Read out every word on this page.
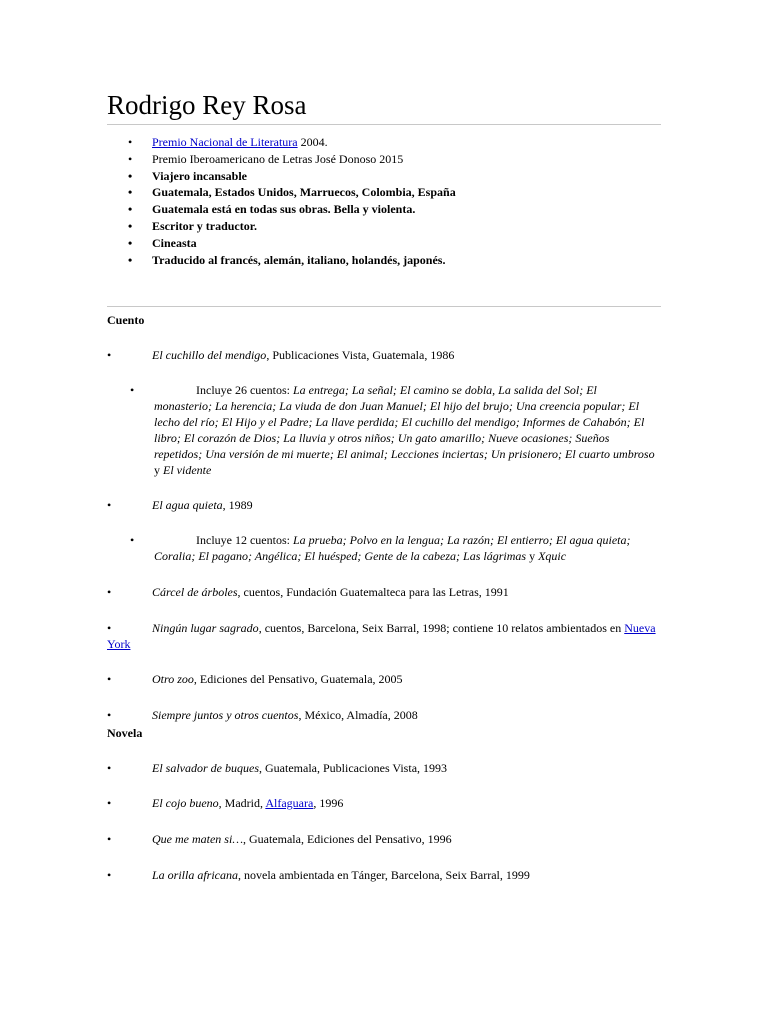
Rodrigo Rey Rosa
• Premio Nacional de Literatura 2004.
• Premio Iberoamericano de Letras José Donoso 2015
• Viajero incansable
• Guatemala, Estados Unidos, Marruecos, Colombia, España
• Guatemala está en todas sus obras. Bella y violenta.
• Escritor y traductor.
• Cineasta
• Traducido al francés, alemán, italiano, holandés, japonés.
Cuento
•	El cuchillo del mendigo, Publicaciones Vista, Guatemala, 1986
•	Incluye 26 cuentos: La entrega; La señal; El camino se dobla, La salida del Sol; El monasterio; La herencia; La viuda de don Juan Manuel; El hijo del brujo; Una creencia popular; El lecho del río; El Hijo y el Padre; La llave perdida; El cuchillo del mendigo; Informes de Cahabón; El libro; El corazón de Dios; La lluvia y otros niños; Un gato amarillo; Nueve ocasiones; Sueños repetidos; Una versión de mi muerte; El animal; Lecciones inciertas; Un prisionero; El cuarto umbroso y El vidente
•	El agua quieta, 1989
•	Incluye 12 cuentos: La prueba; Polvo en la lengua; La razón; El entierro; El agua quieta; Coralia; El pagano; Angélica; El huésped; Gente de la cabeza; Las lágrimas y Xquic
•	Cárcel de árboles, cuentos, Fundación Guatemalteca para las Letras, 1991
•	Ningún lugar sagrado, cuentos, Barcelona, Seix Barral, 1998; contiene 10 relatos ambientados en Nueva York
•	Otro zoo, Ediciones del Pensativo, Guatemala, 2005
•	Siempre juntos y otros cuentos, México, Almadía, 2008
Novela
•	El salvador de buques, Guatemala, Publicaciones Vista, 1993
•	El cojo bueno, Madrid, Alfaguara, 1996
•	Que me maten si…, Guatemala, Ediciones del Pensativo, 1996
•	La orilla africana, novela ambientada en Tánger, Barcelona, Seix Barral, 1999
